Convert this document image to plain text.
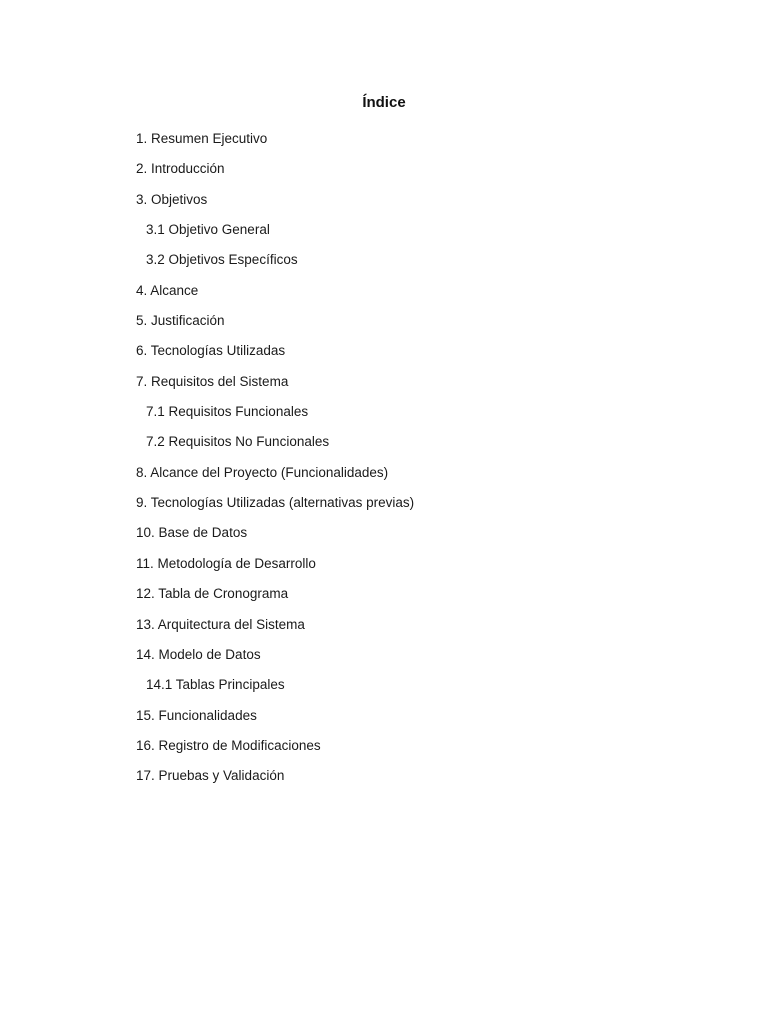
Índice
1. Resumen Ejecutivo
2. Introducción
3. Objetivos
3.1 Objetivo General
3.2 Objetivos Específicos
4. Alcance
5. Justificación
6. Tecnologías Utilizadas
7. Requisitos del Sistema
7.1 Requisitos Funcionales
7.2 Requisitos No Funcionales
8. Alcance del Proyecto (Funcionalidades)
9. Tecnologías Utilizadas (alternativas previas)
10. Base de Datos
11. Metodología de Desarrollo
12. Tabla de Cronograma
13. Arquitectura del Sistema
14. Modelo de Datos
14.1 Tablas Principales
15. Funcionalidades
16. Registro de Modificaciones
17. Pruebas y Validación
